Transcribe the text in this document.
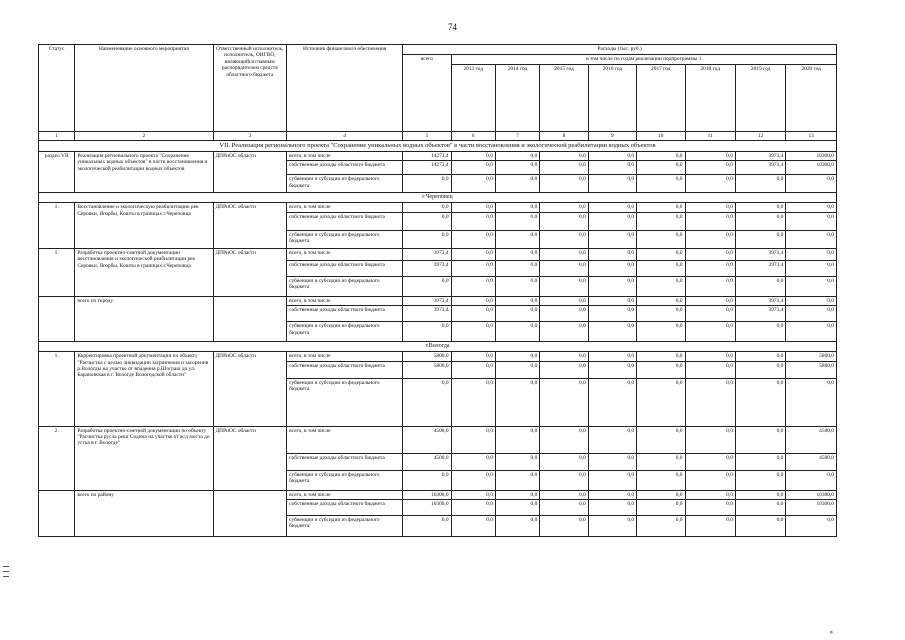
74
Статус	Наименование основного мероприятия	Ответственный исполнитель, исполнитель, ОИГВО, являющийся главным распорядителем средств областного бюджета	Источник финансового обеспечения	Расходы (тыс. руб.)								
				всего	в том числе по годам реализации подпрограммы 1							
					2013 год	2014 год	2015 год	2016 год	2017 год	2018 год	2019 год	2020 год
1	2	3	4	5	6	7	8	9	10	11	12	13
VII. Реализация регионального проекта "Сохранение уникальных водных объектов" в части восстановления и экологической реабилитации водных объектов												
раздел VII	Реализация регионального проекта "Сохранение уникальных водных объектов" в части восстановления и экологической реабилитации водных объектов	ДПРиОС области	всего, в том числе	14273,4	0,0	0,0	0,0	0,0	0,0	0,0	3973,4	10300,0
			собственные доходы областного бюджета	14273,4	0,0	0,0	0,0	0,0	0,0	0,0	3973,4	10300,0
			субвенции и субсидии из федерального бюджета	0,0	0,0	0,0	0,0	0,0	0,0	0,0	0,0	0,0
г.Череповец												
1.	Восстановление и экологическую реабилитацию рек Серовки, Ягорбы, Кошты в границах г.Череповца	ДПРиОС области	всего, в том числе	0,0	0,0	0,0	0,0	0,0	0,0	0,0	0,0	0,0
			собственные доходы областного бюджета	0,0	0,0	0,0	0,0	0,0	0,0	0,0	0,0	0,0
			субвенции и субсидии из федерального бюджета	0,0	0,0	0,0	0,0	0,0	0,0	0,0	0,0	0,0
1.	Разработка проектно-сметной документации восстановления и экологической реабилитации рек Серовки, Ягорбы, Кошты в границах г.Череповца	ДПРиОС области	всего, в том числе	3973,4	0,0	0,0	0,0	0,0	0,0	0,0	3973,4	0,0
			собственные доходы областного бюджета	3973,4	0,0	0,0	0,0	0,0	0,0	0,0	3973,4	0,0
			субвенции и субсидии из федерального бюджета	0,0	0,0	0,0	0,0	0,0	0,0	0,0	0,0	0,0
	всего по городу		всего, в том числе	3973,4	0,0	0,0	0,0	0,0	0,0	0,0	3973,4	0,0
			собственные доходы областного бюджета	3973,4	0,0	0,0	0,0	0,0	0,0	0,0	3973,4	0,0
			субвенции и субсидии из федерального бюджета	0,0	0,0	0,0	0,0	0,0	0,0	0,0	0,0	0,0
г.Вологда												
1.	Корректировка проектной документации по объекту "Расчистка с целью ликвидации загрязнения и засорения р.Вологды на участке от впадения р.Шограш до ул. Барановская в г. Вологде Вологодской области"	ДПРиОС области	всего, в том числе	5800,0	0,0	0,0	0,0	0,0	0,0	0,0	0,0	5800,0
			собственные доходы областного бюджета	5800,0	0,0	0,0	0,0	0,0	0,0	0,0	0,0	5800,0
			субвенции и субсидии из федерального бюджета	0,0	0,0	0,0	0,0	0,0	0,0	0,0	0,0	0,0
2.	Разработка проектно-сметной документации по объекту "Расчистка русла реки Содема на участке от ж/д моста до устья в г. Вологде"	ДПРиОС области	всего, в том числе	4500,0	0,0	0,0	0,0	0,0	0,0	0,0	0,0	4500,0
			собственные доходы областного бюджета	4500,0	0,0	0,0	0,0	0,0	0,0	0,0	0,0	4500,0
			субвенции и субсидии из федерального бюджета	0,0	0,0	0,0	0,0	0,0	0,0	0,0	0,0	0,0
	всего по району		всего, в том числе	10300,0	0,0	0,0	0,0	0,0	0,0	0,0	0,0	10300,0
			собственные доходы областного бюджета	10300,0	0,0	0,0	0,0	0,0	0,0	0,0	0,0	10300,0
			субвенции и субсидии из федерального бюджета	0,0	0,0	0,0	0,0	0,0	0,0	0,0	0,0	0,0
»
